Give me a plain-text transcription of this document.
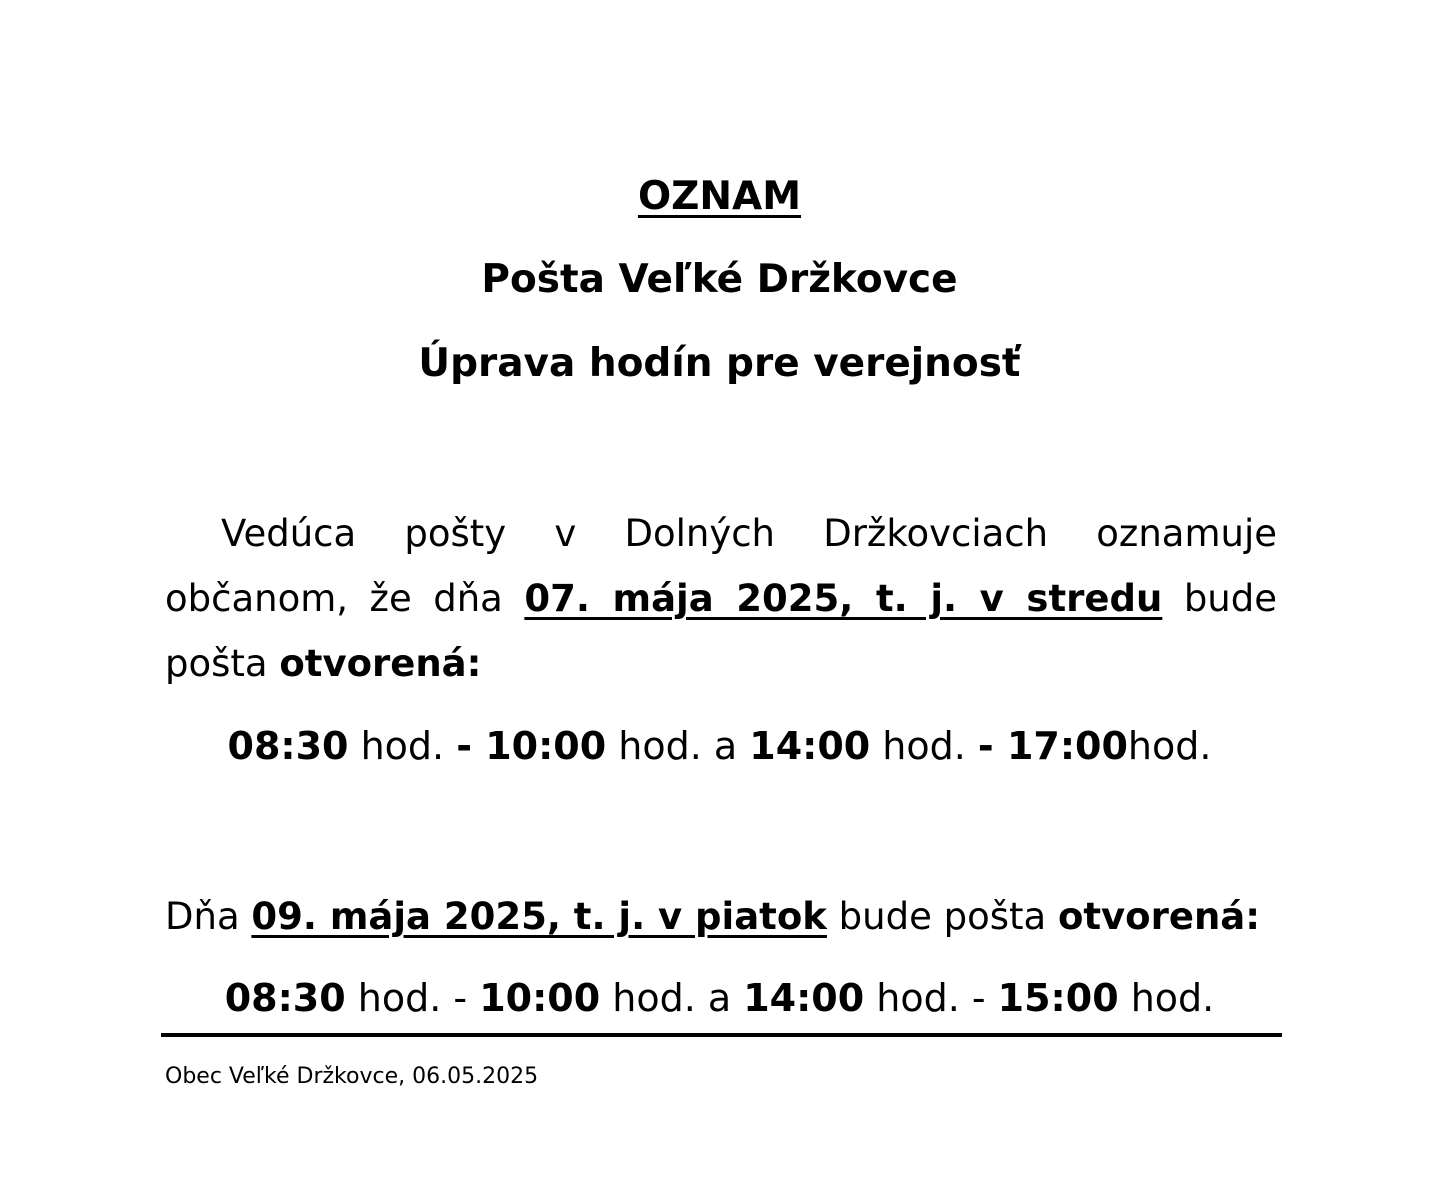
OZNAM
Pošta Veľké Držkovce
Úprava hodín pre verejnosť

Vedúca pošty v Dolných Držkovciach oznamuje občanom, že dňa 07. mája 2025, t. j. v stredu bude pošta otvorená:

08:30 hod. - 10:00 hod. a 14:00 hod. - 17:00hod.

Dňa 09. mája 2025, t. j. v piatok bude pošta otvorená:

08:30 hod. - 10:00 hod. a 14:00 hod. - 15:00 hod.

Obec Veľké Držkovce, 06.05.2025
